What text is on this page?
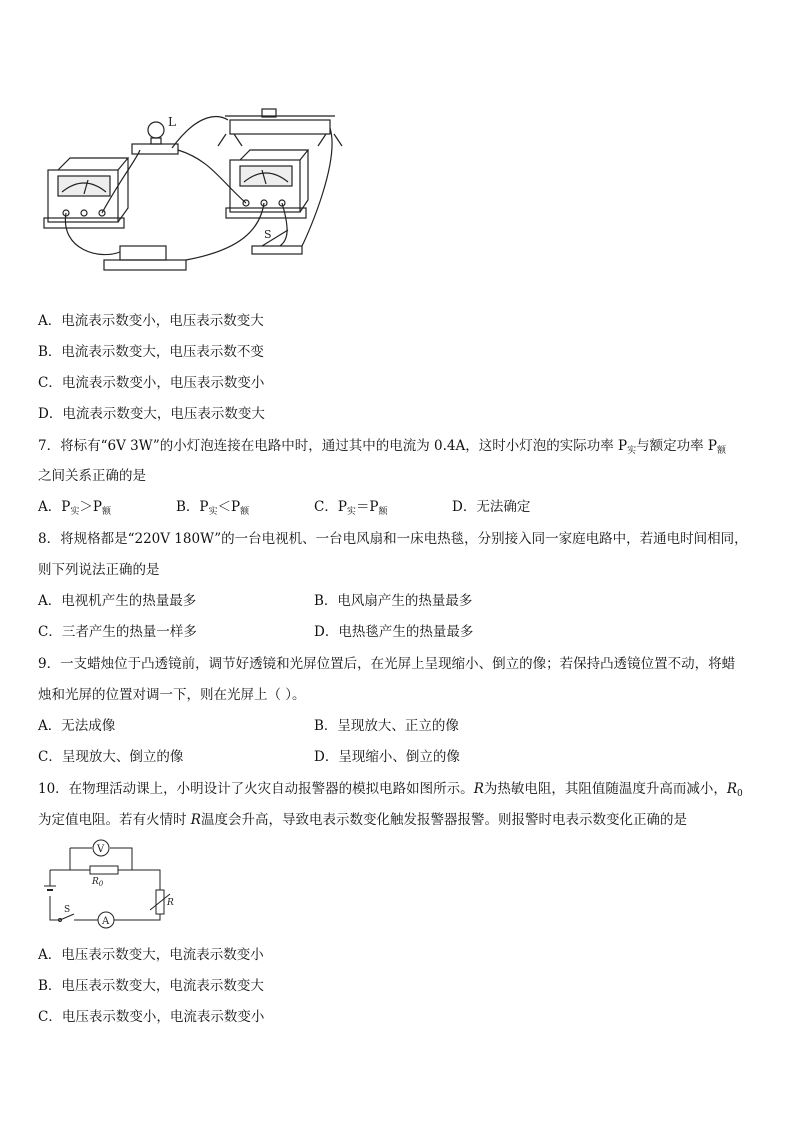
L
S
A．电流表示数变小，电压表示数变大
B．电流表示数变大，电压表示数不变
C．电流表示数变小，电压表示数变小
D．电流表示数变大，电压表示数变大
7．将标有“6V 3W”的小灯泡连接在电路中时，通过其中的电流为 0.4A，这时小灯泡的实际功率 $P_实$与额定功率 $P_额$
之间关系正确的是
A．$P_实>P_额$	B．$P_实<P_额$	C．$P_实=P_额$	D．无法确定
8．将规格都是“220V 180W”的一台电视机、一台电风扇和一床电热毯，分别接入同一家庭电路中，若通电时间相同，
则下列说法正确的是
A．电视机产生的热量最多	B．电风扇产生的热量最多
C．三者产生的热量一样多	D．电热毯产生的热量最多
9．一支蜡烛位于凸透镜前，调节好透镜和光屏位置后，在光屏上呈现缩小、倒立的像；若保持凸透镜位置不动，将蜡
烛和光屏的位置对调一下，则在光屏上（ ）。
A．无法成像	B．呈现放大、正立的像
C．呈现放大、倒立的像	D．呈现缩小、倒立的像
10．在物理活动课上，小明设计了火灾自动报警器的模拟电路如图所示。R为热敏电阻，其阻值随温度升高而减小，$R_0$
为定值电阻。若有火情时 R温度会升高，导致电表示数变化触发报警器报警。则报警时电表示数变化正确的是
V
A
$R_0$
R
S
A．电压表示数变大，电流表示数变小
B．电压表示数变大，电流表示数变大
C．电压表示数变小，电流表示数变小
